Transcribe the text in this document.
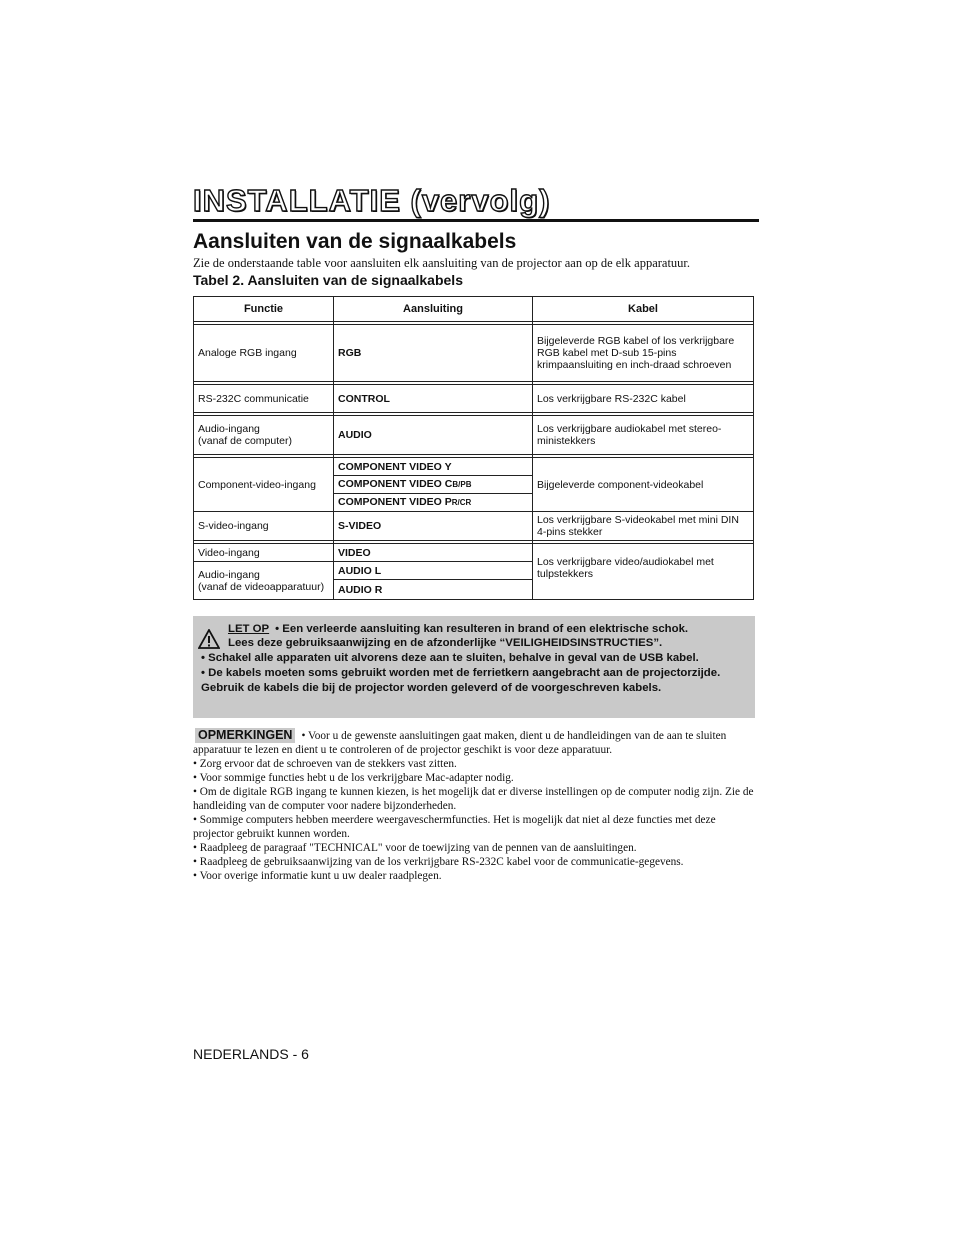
INSTALLATIE (vervolg)
Aansluiten van de signaalkabels
Zie de onderstaande table voor aansluiten elk aansluiting van de projector aan op de elk apparatuur.
Tabel 2. Aansluiten van de signaalkabels
Functie	Aansluiting	Kabel

Analoge RGB ingang	RGB	Bijgeleverde RGB kabel of los verkrijgbare RGB kabel met D-sub 15-pins krimpaansluiting en inch-draad schroeven

RS-232C communicatie	CONTROL	Los verkrijgbare RS-232C kabel

Audio-ingang
(vanaf de computer)	AUDIO	Los verkrijgbare audiokabel met stereo-ministekkers

Component-video-ingang	COMPONENT VIDEO Y	Bijgeleverde component-videokabel
	COMPONENT VIDEO CB/PB	
	COMPONENT VIDEO PR/CR	
S-video-ingang	S-VIDEO	Los verkrijgbare S-videokabel met mini DIN 4-pins stekker

Video-ingang	VIDEO	Los verkrijgbare video/audiokabel met tulpstekkers
Audio-ingang
(vanaf de videoapparatuur)	AUDIO L	
	AUDIO R	
LET OP • Een verleerde aansluiting kan resulteren in brand of een elektrische schok.
Lees deze gebruiksaanwijzing en de afzonderlijke “VEILIGHEIDSINSTRUCTIES”.
• Schakel alle apparaten uit alvorens deze aan te sluiten, behalve in geval van de USB kabel.
• De kabels moeten soms gebruikt worden met de ferrietkern aangebracht aan de projectorzijde. Gebruik de kabels die bij de projector worden geleverd of de voorgeschreven kabels.

OPMERKINGEN • Voor u de gewenste aansluitingen gaat maken, dient u de handleidingen van de aan te sluiten apparatuur te lezen en dient u te controleren of de projector geschikt is voor deze apparatuur.

• Zorg ervoor dat de schroeven van de stekkers vast zitten.

• Voor sommige functies hebt u de los verkrijgbare Mac-adapter nodig.

• Om de digitale RGB ingang te kunnen kiezen, is het mogelijk dat er diverse instellingen op de computer nodig zijn. Zie de handleiding van de computer voor nadere bijzonderheden.

• Sommige computers hebben meerdere weergaveschermfuncties. Het is mogelijk dat niet al deze functies met deze projector gebruikt kunnen worden.

• Raadpleeg de paragraaf "TECHNICAL" voor de toewijzing van de pennen van de aansluitingen.

• Raadpleeg de gebruiksaanwijzing van de los verkrijgbare RS-232C kabel voor de communicatie-gegevens.

• Voor overige informatie kunt u uw dealer raadplegen.

NEDERLANDS - 6
